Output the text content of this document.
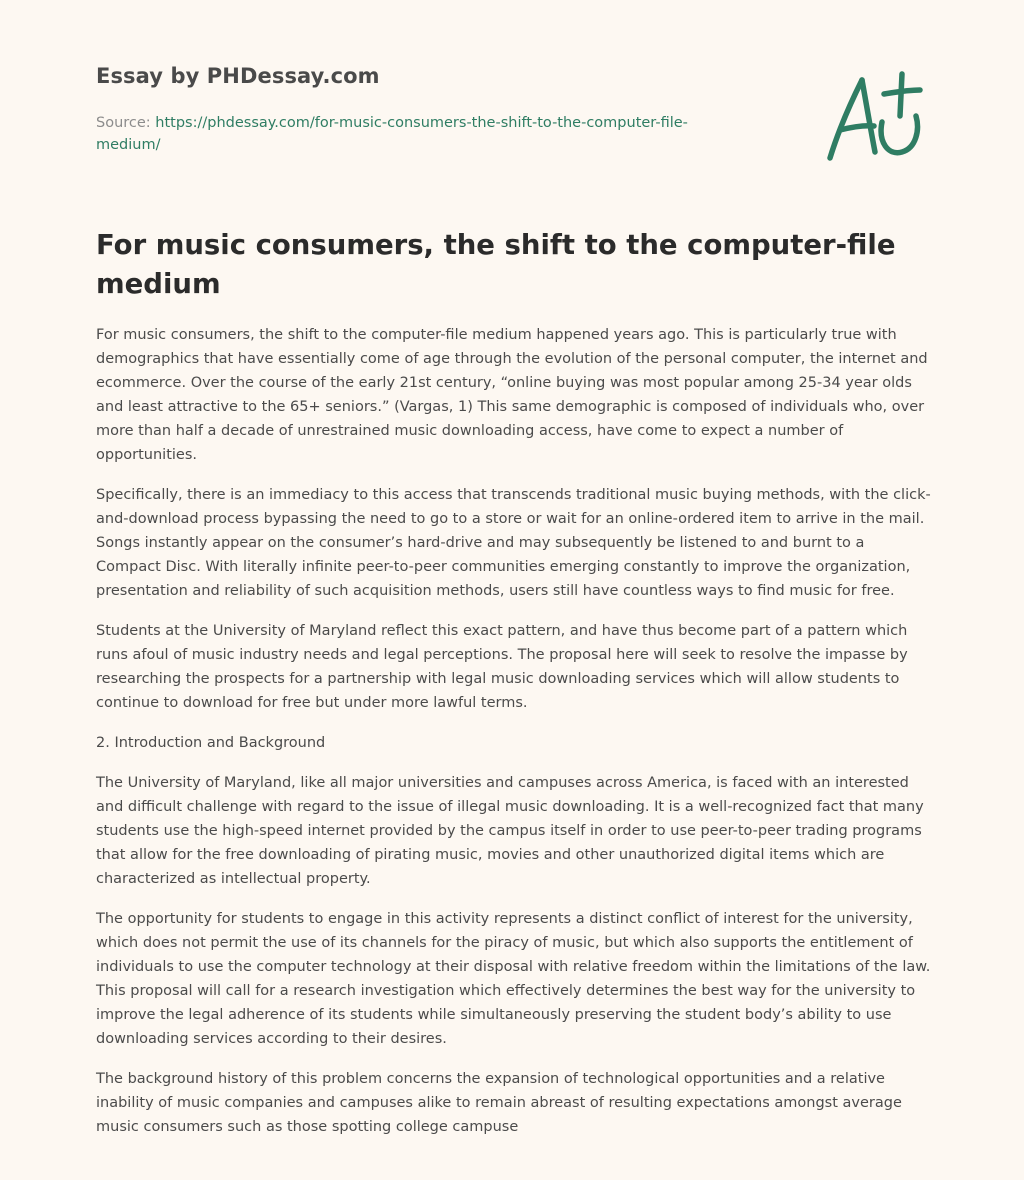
Essay by PHDessay.com
Source: https://phdessay.com/for-music-consumers-the-shift-to-the-computer-file-medium/
For music consumers, the shift to the computer-file medium

For music consumers, the shift to the computer-file medium happened years ago. This is particularly true with demographics that have essentially come of age through the evolution of the personal computer, the internet and ecommerce. Over the course of the early 21st century, “online buying was most popular among 25-34 year olds and least attractive to the 65+ seniors.” (Vargas, 1) This same demographic is composed of individuals who, over more than half a decade of unrestrained music downloading access, have come to expect a number of opportunities.

Specifically, there is an immediacy to this access that transcends traditional music buying methods, with the click-and-download process bypassing the need to go to a store or wait for an online-ordered item to arrive in the mail. Songs instantly appear on the consumer’s hard-drive and may subsequently be listened to and burnt to a Compact Disc. With literally infinite peer-to-peer communities emerging constantly to improve the organization, presentation and reliability of such acquisition methods, users still have countless ways to find music for free.

Students at the University of Maryland reflect this exact pattern, and have thus become part of a pattern which runs afoul of music industry needs and legal perceptions. The proposal here will seek to resolve the impasse by researching the prospects for a partnership with legal music downloading services which will allow students to continue to download for free but under more lawful terms.

2. Introduction and Background

The University of Maryland, like all major universities and campuses across America, is faced with an interested and difficult challenge with regard to the issue of illegal music downloading. It is a well-recognized fact that many students use the high-speed internet provided by the campus itself in order to use peer-to-peer trading programs that allow for the free downloading of pirating music, movies and other unauthorized digital items which are characterized as intellectual property.

The opportunity for students to engage in this activity represents a distinct conflict of interest for the university, which does not permit the use of its channels for the piracy of music, but which also supports the entitlement of individuals to use the computer technology at their disposal with relative freedom within the limitations of the law. This proposal will call for a research investigation which effectively determines the best way for the university to improve the legal adherence of its students while simultaneously preserving the student body’s ability to use downloading services according to their desires.

The background history of this problem concerns the expansion of technological opportunities and a relative inability of music companies and campuses alike to remain abreast of resulting expectations amongst average music consumers such as those spotting college campuse
